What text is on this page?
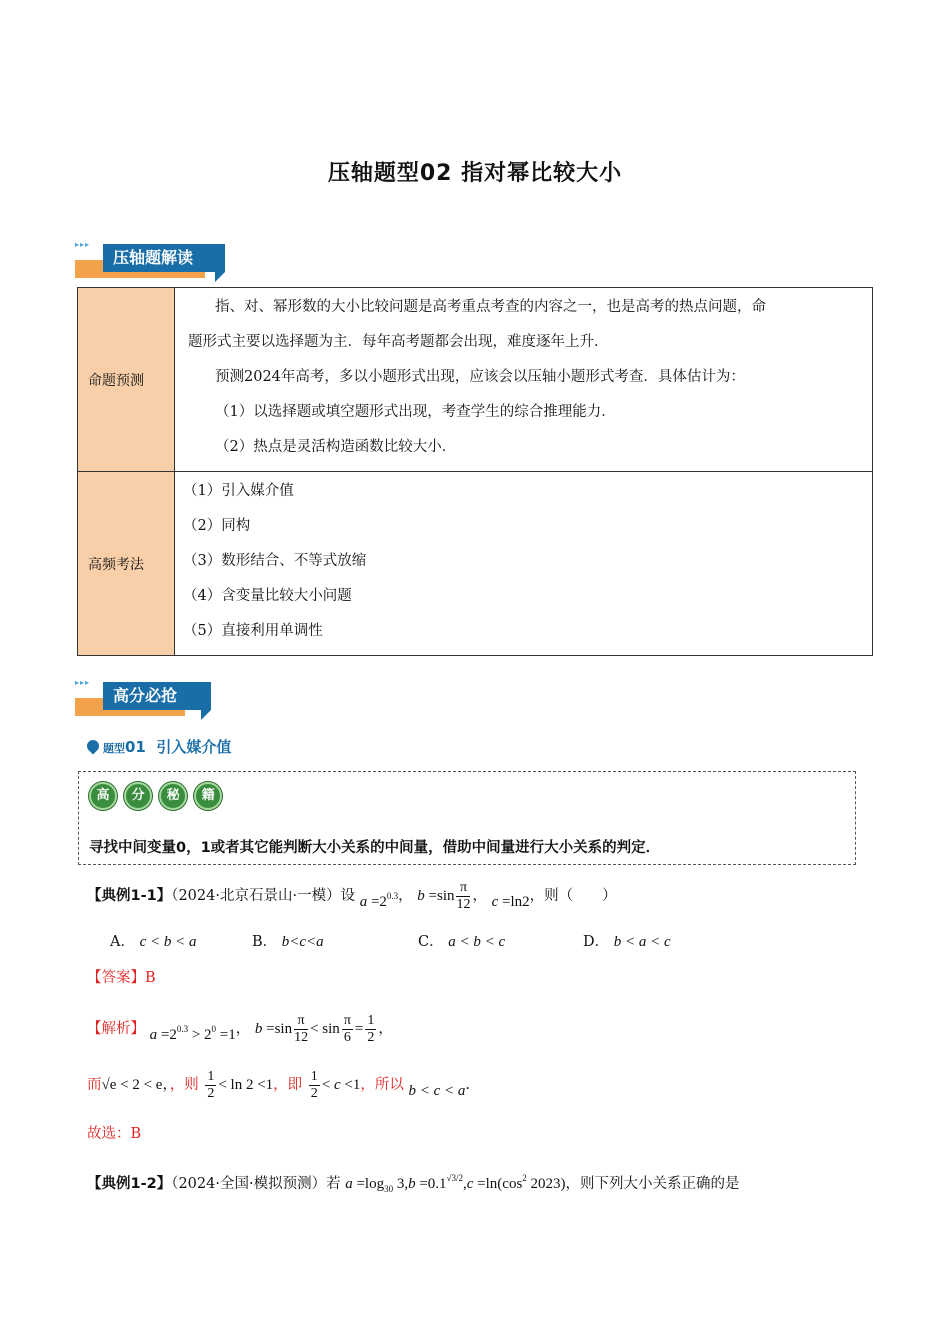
压轴题型02 指对幂比较大小
▸▸▸
压轴题解读
命题预测	指、对、幂形数的大小比较问题是高考重点考查的内容之一，也是高考的热点问题，命
题形式主要以选择题为主．每年高考题都会出现，难度逐年上升．
预测2024年高考，多以小题形式出现，应该会以压轴小题形式考查．具体估计为：
（1）以选择题或填空题形式出现，考查学生的综合推理能力．
（2）热点是灵活构造函数比较大小．

高频考法	（1）引入媒介值
（2）同构
（3）数形结合、不等式放缩
（4）含变量比较大小问题
（5）直接利用单调性
▸▸▸
高分必抢
题型01 引入媒介值
高 分 秘 籍
寻找中间变量0，1或者其它能判断大小关系的中间量，借助中间量进行大小关系的判定．
【典例1-1】（2024·北京石景山·一模）设 $a =2^{0.3}$， $b =\sin \frac{\pi}{12}$ ， c =ln2，则（　　）
A． c < b < a	B． b<c<a	C． a < b < c	D． b < a < c
【答案】B
【解析】 $a =2^{0.3} > 2^0 =1$， $b =\sin \frac{\pi}{12} < \sin \frac{\pi}{6} = \frac{1}{2}$ ，
而√e < 2 < e，，则 $\frac{1}{2} < \ln 2 <1$，即 $\frac{1}{2} < c <1$，所以 b < c < a.
故选：B
【典例1-2】（2024·全国·模拟预测）若 $a =\log_{30}$ $3,b =0.1^{√3/2},c =\ln(\cos^2$ 2023)，则下列大小关系正确的是
